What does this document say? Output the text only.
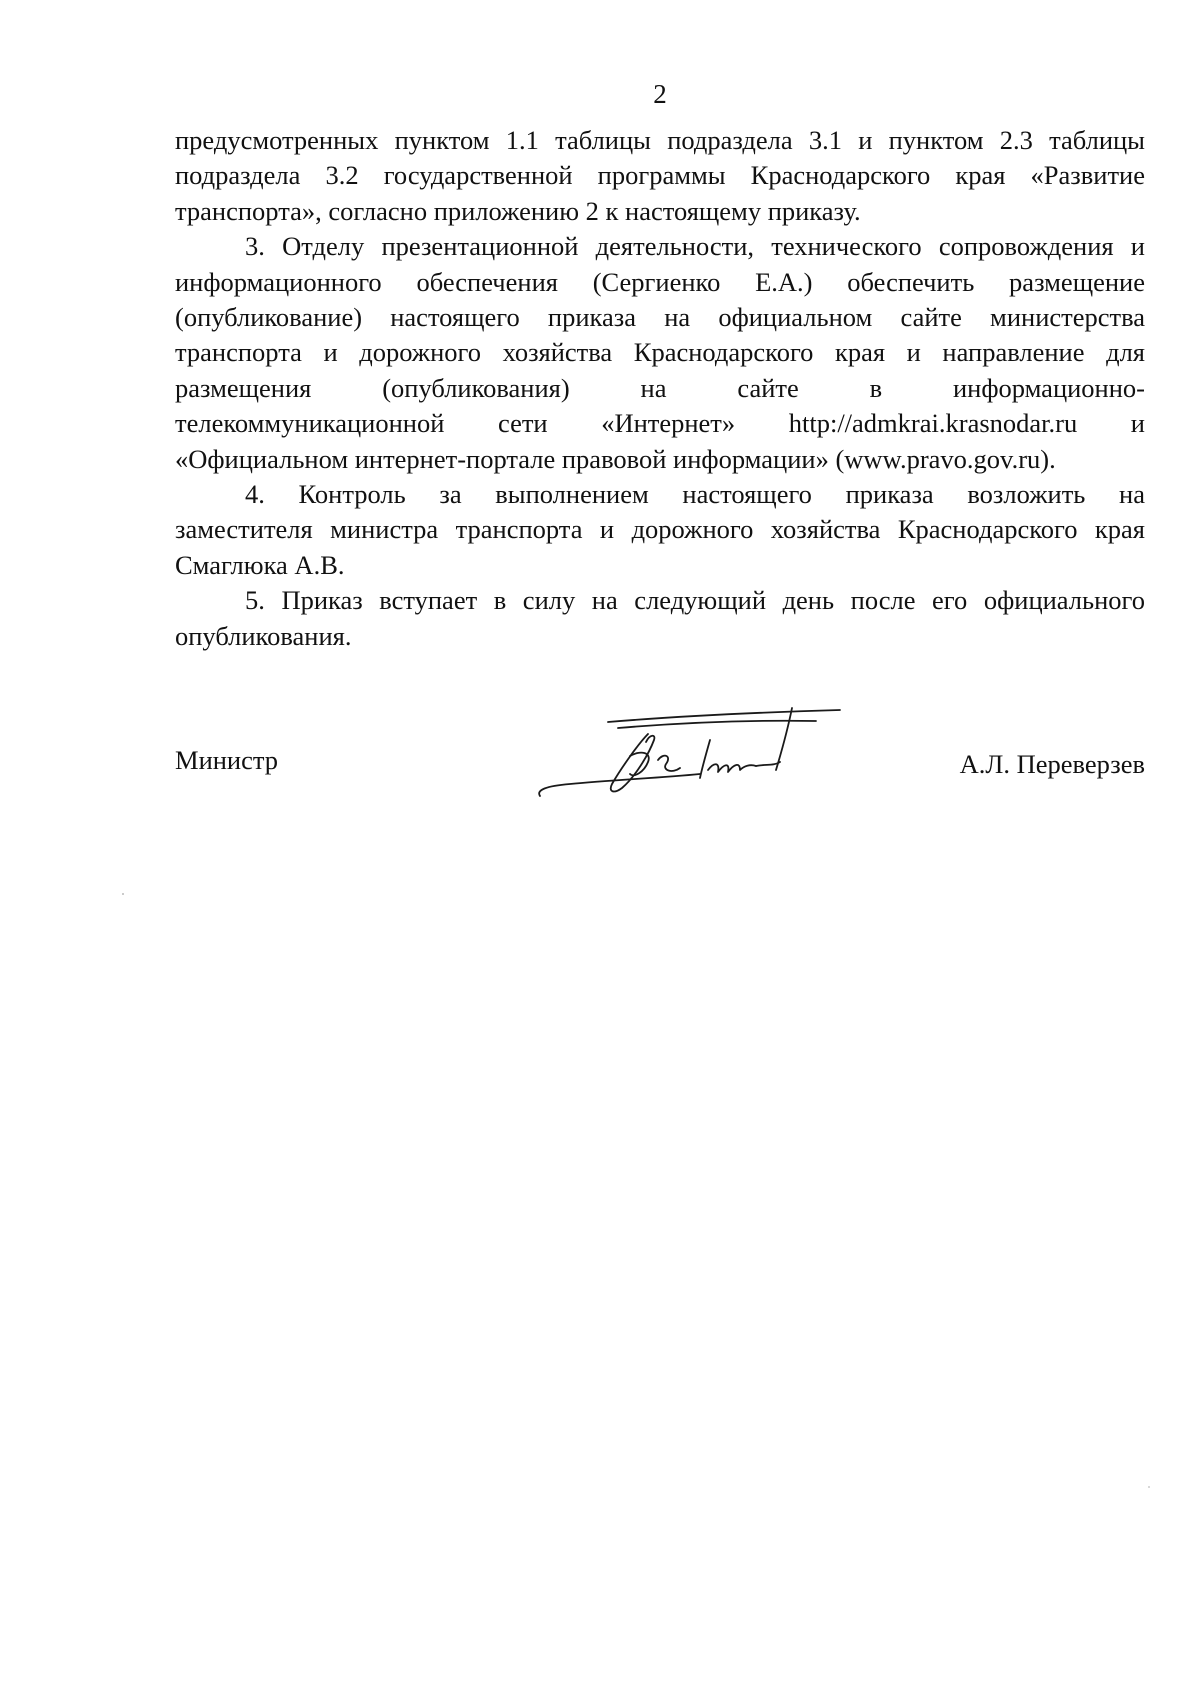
2

предусмотренных пунктом 1.1 таблицы подраздела 3.1 и пунктом 2.3 таблицы
подраздела 3.2 государственной программы Краснодарского края «Развитие
транспорта», согласно приложению 2 к настоящему приказу.

3. Отделу презентационной деятельности, технического сопровождения и
информационного обеспечения (Сергиенко Е.А.) обеспечить размещение
(опубликование) настоящего приказа на официальном сайте министерства
транспорта и дорожного хозяйства Краснодарского края и направление для
размещения (опубликования) на сайте в информационно-
телекоммуникационной сети «Интернет» http://admkrai.krasnodar.ru и
«Официальном интернет-портале правовой информации» (www.pravo.gov.ru).

4. Контроль за выполнением настоящего приказа возложить на
заместителя министра транспорта и дорожного хозяйства Краснодарского края
Смаглюка А.В.

5. Приказ вступает в силу на следующий день после его официального
опубликования.

Министр	А.Л. Переверзев
